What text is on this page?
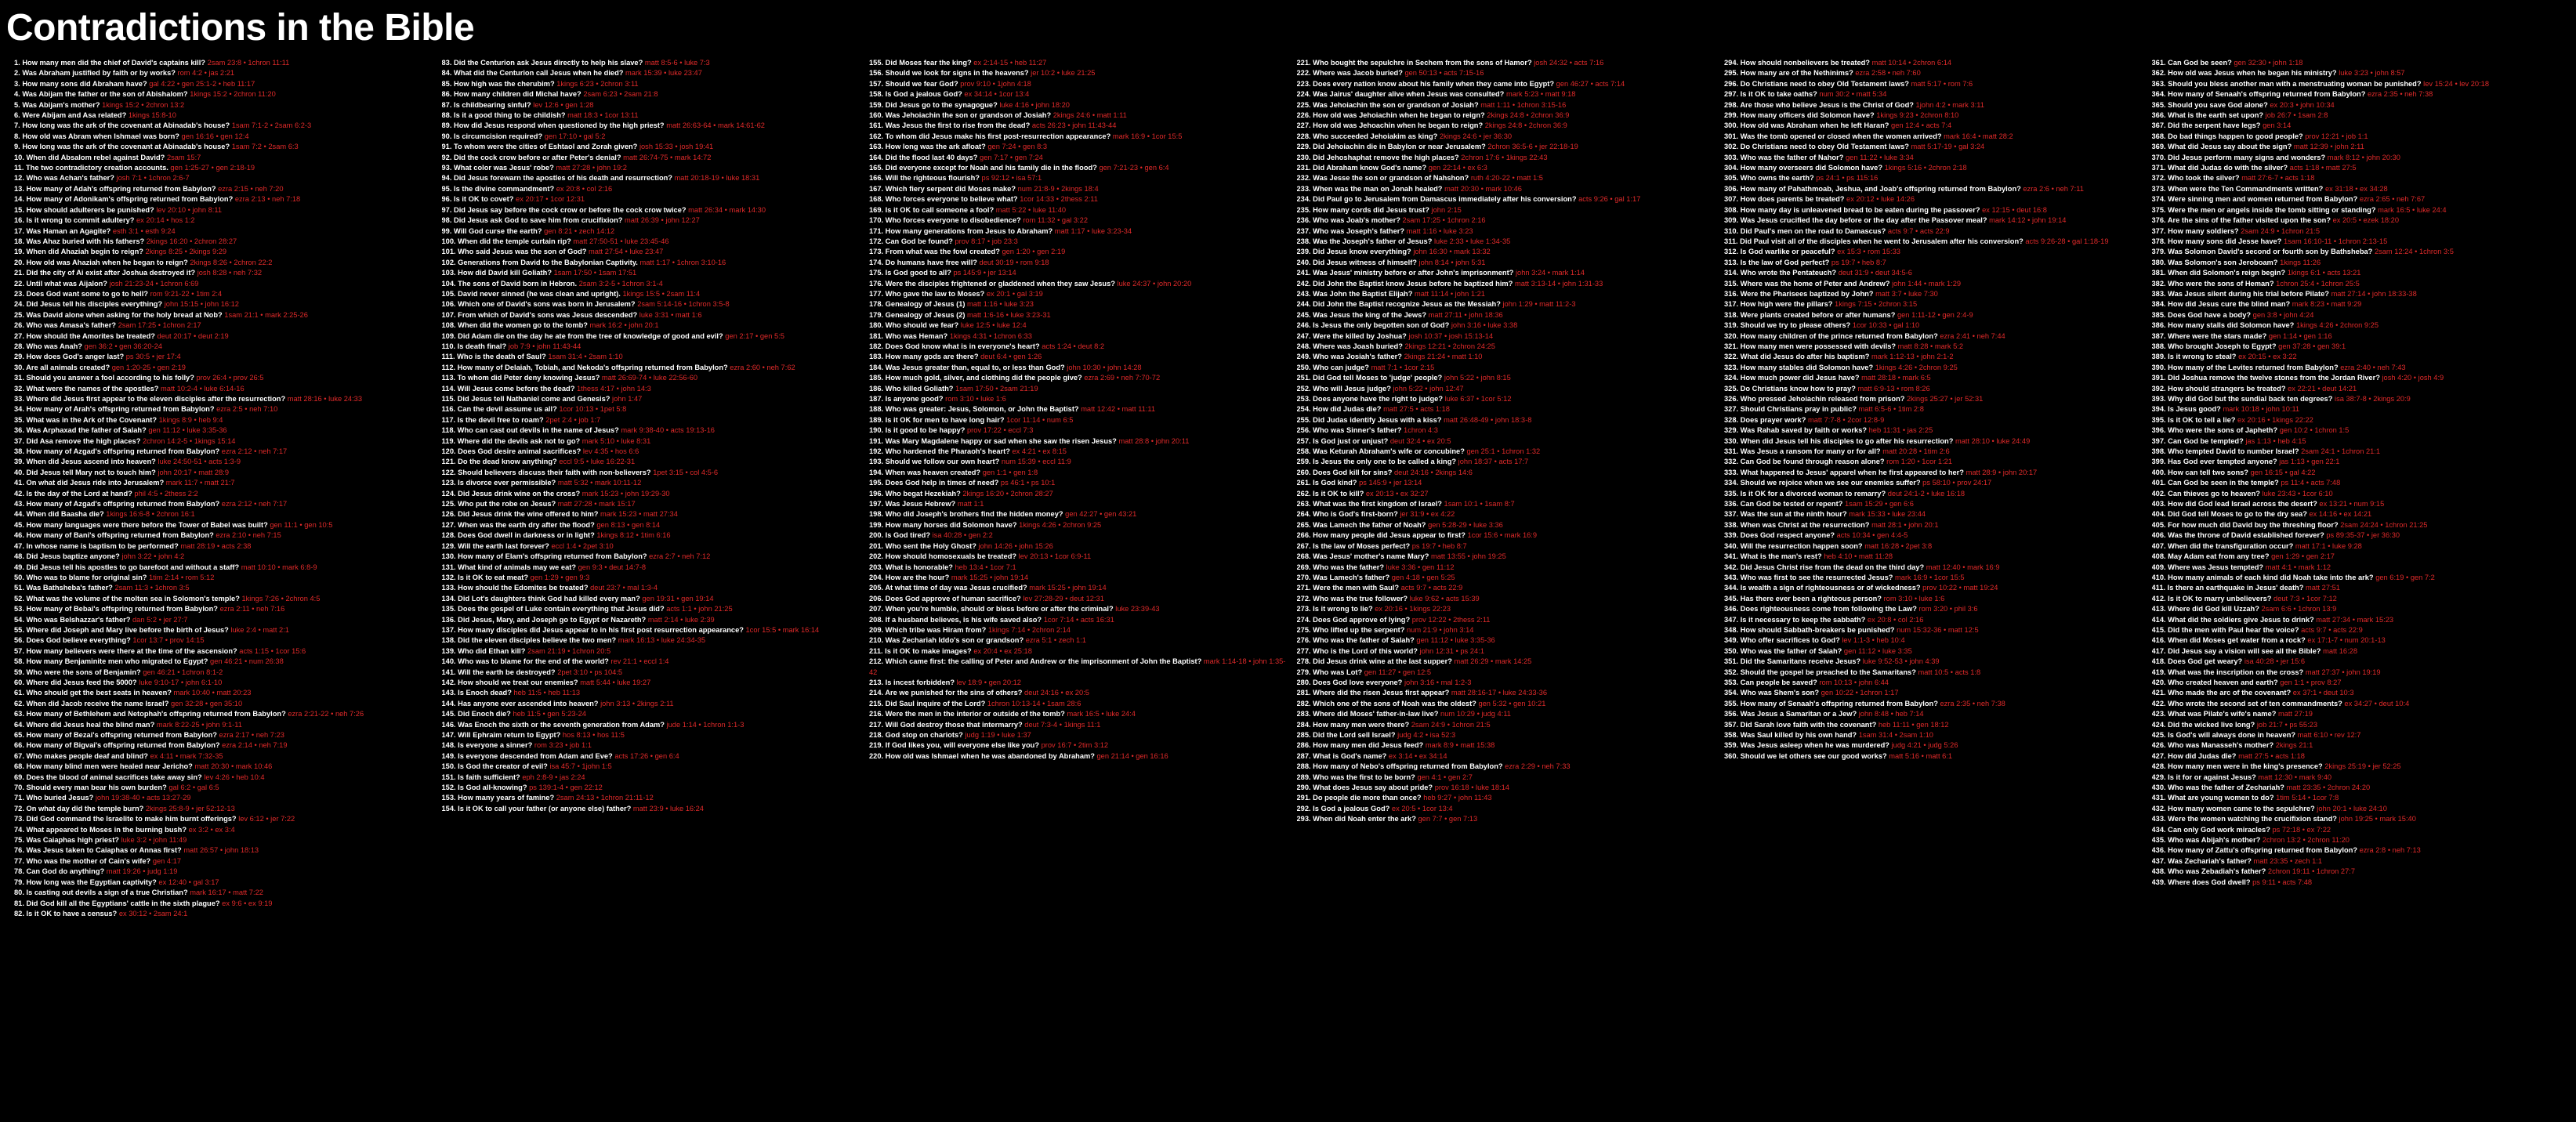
Contradictions in the Bible

1. How many men did the chief of David's captains kill? 2sam 23:8 • 1chron 11:11

2. Was Abraham justified by faith or by works? rom 4:2 • jas 2:21

3. How many sons did Abraham have? gal 4:22 • gen 25:1-2 • heb 11:17

4. Was Abijam the father or the son of Abishalom? 1kings 15:2 • 2chron 11:20

5. Was Abijam's mother? 1kings 15:2 • 2chron 13:2

6. Were Abijam and Asa related? 1kings 15:8-10

7. How long was the ark of the covenant at Abinadab's house? 1sam 7:1-2 • 2sam 6:2-3

8. How old was Abram when Ishmael was born? gen 16:16 • gen 12:4

9. How long was the ark of the covenant at Abinadab's house? 1sam 7:2 • 2sam 6:3

10. When did Absalom rebel against David? 2sam 15:7

11. The two contradictory creation accounts. gen 1:25-27 • gen 2:18-19

12. Who was Achan's father? josh 7:1 • 1chron 2:6-7

13. How many of Adah's offspring returned from Babylon? ezra 2:15 • neh 7:20

14. How many of Adonikam's offspring returned from Babylon? ezra 2:13 • neh 7:18

15. How should adulterers be punished? lev 20:10 • john 8:11

16. Is it wrong to commit adultery? ex 20:14 • hos 1:2

17. Was Haman an Agagite? esth 3:1 • esth 9:24

18. Was Ahaz buried with his fathers? 2kings 16:20 • 2chron 28:27

19. When did Ahaziah begin to reign? 2kings 8:25 • 2kings 9:29

20. How old was Ahaziah when he began to reign? 2kings 8:26 • 2chron 22:2

21. Did the city of Ai exist after Joshua destroyed it? josh 8:28 • neh 7:32

22. Until what was Aijalon? josh 21:23-24 • 1chron 6:69

23. Does God want some to go to hell? rom 9:21-22 • 1tim 2:4

24. Did Jesus tell his disciples everything? john 15:15 • john 16:12

25. Was David alone when asking for the holy bread at Nob? 1sam 21:1 • mark 2:25-26

26. Who was Amasa's father? 2sam 17:25 • 1chron 2:17

27. How should the Amorites be treated? deut 20:17 • deut 2:19

28. Who was Anah? gen 36:2 • gen 36:20-24

29. How does God's anger last? ps 30:5 • jer 17:4

30. Are all animals created? gen 1:20-25 • gen 2:19

31. Should you answer a fool according to his folly? prov 26:4 • prov 26:5

32. What were the names of the apostles? matt 10:2-4 • luke 6:14-16

33. Where did Jesus first appear to the eleven disciples after the resurrection? matt 28:16 • luke 24:33

34. How many of Arah's offspring returned from Babylon? ezra 2:5 • neh 7:10

35. What was in the Ark of the Covenant? 1kings 8:9 • heb 9:4

36. Was Arphaxad the father of Salah? gen 11:12 • luke 3:35-36

37. Did Asa remove the high places? 2chron 14:2-5 • 1kings 15:14

38. How many of Azgad's offspring returned from Babylon? ezra 2:12 • neh 7:17

39. When did Jesus ascend into heaven? luke 24:50-51 • acts 1:3-9

40. Did Jesus tell Mary not to touch him? john 20:17 • matt 28:9

41. On what did Jesus ride into Jerusalem? mark 11:7 • matt 21:7

42. Is the day of the Lord at hand? phil 4:5 • 2thess 2:2

43. How many of Azgad's offspring returned from Babylon? ezra 2:12 • neh 7:17

44. When did Baasha die? 1kings 16:6-8 • 2chron 16:1

45. How many languages were there before the Tower of Babel was built? gen 11:1 • gen 10:5

46. How many of Bani's offspring returned from Babylon? ezra 2:10 • neh 7:15

47. In whose name is baptism to be performed? matt 28:19 • acts 2:38

48. Did Jesus baptize anyone? john 3:22 • john 4:2

49. Did Jesus tell his apostles to go barefoot and without a staff? matt 10:10 • mark 6:8-9

50. Who was to blame for original sin? 1tim 2:14 • rom 5:12

51. Was Bathsheba's father? 2sam 11:3 • 1chron 3:5

52. What was the volume of the molten sea in Solomon's temple? 1kings 7:26 • 2chron 4:5

53. How many of Bebai's offspring returned from Babylon? ezra 2:11 • neh 7:16

54. Who was Belshazzar's father? dan 5:2 • jer 27:7

55. Where did Joseph and Mary live before the birth of Jesus? luke 2:4 • matt 2:1

56. Does God believe everything? 1cor 13:7 • prov 14:15

57. How many believers were there at the time of the ascension? acts 1:15 • 1cor 15:6

58. How many Benjaminite men who migrated to Egypt? gen 46:21 • num 26:38

59. Who were the sons of Benjamin? gen 46:21 • 1chron 8:1-2

60. Where did Jesus feed the 5000? luke 9:10-17 • john 6:1-10

61. Who should get the best seats in heaven? mark 10:40 • matt 20:23

62. When did Jacob receive the name Israel? gen 32:28 • gen 35:10

63. How many of Bethlehem and Netophah's offspring returned from Babylon? ezra 2:21-22 • neh 7:26

64. Where did Jesus heal the blind man? mark 8:22-25 • john 9:1-11

65. How many of Bezai's offspring returned from Babylon? ezra 2:17 • neh 7:23

66. How many of Bigvai's offspring returned from Babylon? ezra 2:14 • neh 7:19

67. Who makes people deaf and blind? ex 4:11 • mark 7:32-35

68. How many blind men were healed near Jericho? matt 20:30 • mark 10:46

69. Does the blood of animal sacrifices take away sin? lev 4:26 • heb 10:4

70. Should every man bear his own burden? gal 6:2 • gal 6:5

71. Who buried Jesus? john 19:38-40 • acts 13:27-29

72. On what day did the temple burn? 2kings 25:8-9 • jer 52:12-13

73. Did God command the Israelite to make him burnt offerings? lev 6:12 • jer 7:22

74. What appeared to Moses in the burning bush? ex 3:2 • ex 3:4

75. Was Caiaphas high priest? luke 3:2 • john 11:49

76. Was Jesus taken to Caiaphas or Annas first? matt 26:57 • john 18:13

77. Who was the mother of Cain's wife? gen 4:17

78. Can God do anything? matt 19:26 • judg 1:19

79. How long was the Egyptian captivity? ex 12:40 • gal 3:17

80. Is casting out devils a sign of a true Christian? mark 16:17 • matt 7:22

81. Did God kill all the Egyptians' cattle in the sixth plague? ex 9:6 • ex 9:19

82. Is it OK to have a census? ex 30:12 • 2sam 24:1

83. Did the Centurion ask Jesus directly to help his slave? matt 8:5-6 • luke 7:3

84. What did the Centurion call Jesus when he died? mark 15:39 • luke 23:47

85. How high was the cherubim? 1kings 6:23 • 2chron 3:11

86. How many children did Michal have? 2sam 6:23 • 2sam 21:8

87. Is childbearing sinful? lev 12:6 • gen 1:28

88. Is it a good thing to be childish? matt 18:3 • 1cor 13:11

89. How did Jesus respond when questioned by the high priest? matt 26:63-64 • mark 14:61-62

90. Is circumcision required? gen 17:10 • gal 5:2

91. To whom were the cities of Eshtaol and Zorah given? josh 15:33 • josh 19:41

92. Did the cock crow before or after Peter's denial? matt 26:74-75 • mark 14:72

93. What color was Jesus' robe? matt 27:28 • john 19:2

94. Did Jesus forewarn the apostles of his death and resurrection? matt 20:18-19 • luke 18:31

95. Is the divine commandment? ex 20:8 • col 2:16

96. Is it OK to covet? ex 20:17 • 1cor 12:31

97. Did Jesus say before the cock crow or before the cock crow twice? matt 26:34 • mark 14:30

98. Did Jesus ask God to save him from crucifixion? matt 26:39 • john 12:27

99. Will God curse the earth? gen 8:21 • zech 14:12

100. When did the temple curtain rip? matt 27:50-51 • luke 23:45-46

101. Who said Jesus was the son of God? matt 27:54 • luke 23:47

102. Generations from David to the Babylonian Captivity. matt 1:17 • 1chron 3:10-16

103. How did David kill Goliath? 1sam 17:50 • 1sam 17:51

104. The sons of David born in Hebron. 2sam 3:2-5 • 1chron 3:1-4

105. David never sinned (he was clean and upright). 1kings 15:5 • 2sam 11:4

106. Which one of David's sons was born in Jerusalem? 2sam 5:14-16 • 1chron 3:5-8

107. From which of David's sons was Jesus descended? luke 3:31 • matt 1:6

108. When did the women go to the tomb? mark 16:2 • john 20:1

109. Did Adam die on the day he ate from the tree of knowledge of good and evil? gen 2:17 • gen 5:5

110. Is death final? job 7:9 • john 11:43-44

111. Who is the death of Saul? 1sam 31:4 • 2sam 1:10

112. How many of Delaiah, Tobiah, and Nekoda's offspring returned from Babylon? ezra 2:60 • neh 7:62

113. To whom did Peter deny knowing Jesus? matt 26:69-74 • luke 22:56-60

114. Will Jesus come before the dead? 1thess 4:17 • john 14:3

115. Did Jesus tell Nathaniel come and Genesis? john 1:47

116. Can the devil assume us all? 1cor 10:13 • 1pet 5:8

117. Is the devil free to roam? 2pet 2:4 • job 1:7

118. Who can cast out devils in the name of Jesus? mark 9:38-40 • acts 19:13-16

119. Where did the devils ask not to go? mark 5:10 • luke 8:31

120. Does God desire animal sacrifices? lev 4:35 • hos 6:6

121. Do the dead know anything? eccl 9:5 • luke 16:22-31

122. Should believers discuss their faith with non-believers? 1pet 3:15 • col 4:5-6

123. Is divorce ever permissible? matt 5:32 • mark 10:11-12

124. Did Jesus drink wine on the cross? mark 15:23 • john 19:29-30

125. Who put the robe on Jesus? matt 27:28 • mark 15:17

126. Did Jesus drink the wine offered to him? mark 15:23 • matt 27:34

127. When was the earth dry after the flood? gen 8:13 • gen 8:14

128. Does God dwell in darkness or in light? 1kings 8:12 • 1tim 6:16

129. Will the earth last forever? eccl 1:4 • 2pet 3:10

130. How many of Elam's offspring returned from Babylon? ezra 2:7 • neh 7:12

131. What kind of animals may we eat? gen 9:3 • deut 14:7-8

132. Is it OK to eat meat? gen 1:29 • gen 9:3

133. How should the Edomites be treated? deut 23:7 • mal 1:3-4

134. Did Lot's daughters think God had killed every man? gen 19:31 • gen 19:14

135. Does the gospel of Luke contain everything that Jesus did? acts 1:1 • john 21:25

136. Did Jesus, Mary, and Joseph go to Egypt or Nazareth? matt 2:14 • luke 2:39

137. How many disciples did Jesus appear to in his first post resurrection appearance? 1cor 15:5 • mark 16:14

138. Did the eleven disciples believe the two men? mark 16:13 • luke 24:34-35

139. Who did Ethan kill? 2sam 21:19 • 1chron 20:5

140. Who was to blame for the end of the world? rev 21:1 • eccl 1:4

141. Will the earth be destroyed? 2pet 3:10 • ps 104:5

142. How should we treat our enemies? matt 5:44 • luke 19:27

143. Is Enoch dead? heb 11:5 • heb 11:13

144. Has anyone ever ascended into heaven? john 3:13 • 2kings 2:11

145. Did Enoch die? heb 11:5 • gen 5:23-24

146. Was Enoch the sixth or the seventh generation from Adam? jude 1:14 • 1chron 1:1-3

147. Will Ephraim return to Egypt? hos 8:13 • hos 11:5

148. Is everyone a sinner? rom 3:23 • job 1:1

149. Is everyone descended from Adam and Eve? acts 17:26 • gen 6:4

150. Is God the creator of evil? isa 45:7 • 1john 1:5

151. Is faith sufficient? eph 2:8-9 • jas 2:24

152. Is God all-knowing? ps 139:1-4 • gen 22:12

153. How many years of famine? 2sam 24:13 • 1chron 21:11-12

154. Is it OK to call your father (or anyone else) father? matt 23:9 • luke 16:24

155. Did Moses fear the king? ex 2:14-15 • heb 11:27

156. Should we look for signs in the heavens? jer 10:2 • luke 21:25

157. Should we fear God? prov 9:10 • 1john 4:18

158. Is God a jealous God? ex 34:14 • 1cor 13:4

159. Did Jesus go to the synagogue? luke 4:16 • john 18:20

160. Was Jehoiachin the son or grandson of Josiah? 2kings 24:6 • matt 1:11

161. Was Jesus the first to rise from the dead? acts 26:23 • john 11:43-44

162. To whom did Jesus make his first post-resurrection appearance? mark 16:9 • 1cor 15:5

163. How long was the ark afloat? gen 7:24 • gen 8:3

164. Did the flood last 40 days? gen 7:17 • gen 7:24

165. Did everyone except for Noah and his family die in the flood? gen 7:21-23 • gen 6:4

166. Will the righteous flourish? ps 92:12 • isa 57:1

167. Which fiery serpent did Moses make? num 21:8-9 • 2kings 18:4

168. Who forces everyone to believe what? 1cor 14:33 • 2thess 2:11

169. Is it OK to call someone a fool? matt 5:22 • luke 11:40

170. Who forces everyone to disobedience? rom 11:32 • gal 3:22

171. How many generations from Jesus to Abraham? matt 1:17 • luke 3:23-34

172. Can God be found? prov 8:17 • job 23:3

173. From what was the fowl created? gen 1:20 • gen 2:19

174. Do humans have free will? deut 30:19 • rom 9:18

175. Is God good to all? ps 145:9 • jer 13:14

176. Were the disciples frightened or gladdened when they saw Jesus? luke 24:37 • john 20:20

177. Who gave the law to Moses? ex 20:1 • gal 3:19

178. Genealogy of Jesus (1) matt 1:16 • luke 3:23

179. Genealogy of Jesus (2) matt 1:6-16 • luke 3:23-31

180. Who should we fear? luke 12:5 • luke 12:4

181. Who was Heman? 1kings 4:31 • 1chron 6:33

182. Does God know what is in everyone's heart? acts 1:24 • deut 8:2

183. How many gods are there? deut 6:4 • gen 1:26

184. Was Jesus greater than, equal to, or less than God? john 10:30 • john 14:28

185. How much gold, silver, and clothing did the people give? ezra 2:69 • neh 7:70-72

186. Who killed Goliath? 1sam 17:50 • 2sam 21:19

187. Is anyone good? rom 3:10 • luke 1:6

188. Who was greater: Jesus, Solomon, or John the Baptist? matt 12:42 • matt 11:11

189. Is it OK for men to have long hair? 1cor 11:14 • num 6:5

190. Is it good to be happy? prov 17:22 • eccl 7:3

191. Was Mary Magdalene happy or sad when she saw the risen Jesus? matt 28:8 • john 20:11

192. Who hardened the Pharaoh's heart? ex 4:21 • ex 8:15

193. Should we follow our own heart? num 15:39 • eccl 11:9

194. When was heaven created? gen 1:1 • gen 1:8

195. Does God help in times of need? ps 46:1 • ps 10:1

196. Who begat Hezekiah? 2kings 16:20 • 2chron 28:27

197. Was Jesus Hebrew? matt 1:1

198. Who did Joseph's brothers find the hidden money? gen 42:27 • gen 43:21

199. How many horses did Solomon have? 1kings 4:26 • 2chron 9:25

200. Is God tired? isa 40:28 • gen 2:2

201. Who sent the Holy Ghost? john 14:26 • john 15:26

202. How should homosexuals be treated? lev 20:13 • 1cor 6:9-11

203. What is honorable? heb 13:4 • 1cor 7:1

204. How are the hour? mark 15:25 • john 19:14

205. At what time of day was Jesus crucified? mark 15:25 • john 19:14

206. Does God approve of human sacrifice? lev 27:28-29 • deut 12:31

207. When you're humble, should or bless before or after the criminal? luke 23:39-43

208. If a husband believes, is his wife saved also? 1cor 7:14 • acts 16:31

209. Which tribe was Hiram from? 1kings 7:14 • 2chron 2:14

210. Was Zechariah Iddo's son or grandson? ezra 5:1 • zech 1:1

211. Is it OK to make images? ex 20:4 • ex 25:18

212. Which came first: the calling of Peter and Andrew or the imprisonment of John the Baptist? mark 1:14-18 • john 1:35-42

213. Is incest forbidden? lev 18:9 • gen 20:12

214. Are we punished for the sins of others? deut 24:16 • ex 20:5

215. Did Saul inquire of the Lord? 1chron 10:13-14 • 1sam 28:6

216. Were the men in the interior or outside of the tomb? mark 16:5 • luke 24:4

217. Will God destroy those that intermarry? deut 7:3-4 • 1kings 11:1

218. God stop on chariots? judg 1:19 • luke 1:37

219. If God likes you, will everyone else like you? prov 16:7 • 2tim 3:12

220. How old was Ishmael when he was abandoned by Abraham? gen 21:14 • gen 16:16

221. Who bought the sepulchre in Sechem from the sons of Hamor? josh 24:32 • acts 7:16

222. Where was Jacob buried? gen 50:13 • acts 7:15-16

223. Does every nation know about his family when they came into Egypt? gen 46:27 • acts 7:14

224. Was Jairus' daughter alive when Jesus was consulted? mark 5:23 • matt 9:18

225. Was Jehoiachin the son or grandson of Josiah? matt 1:11 • 1chron 3:15-16

226. How old was Jehoiachin when he began to reign? 2kings 24:8 • 2chron 36:9

227. How old was Jehoachin when he began to reign? 2kings 24:8 • 2chron 36:9

228. Who succeeded Jehoiakim as king? 2kings 24:6 • jer 36:30

229. Did Jehoiachin die in Babylon or near Jerusalem? 2chron 36:5-6 • jer 22:18-19

230. Did Jehoshaphat remove the high places? 2chron 17:6 • 1kings 22:43

231. Did Abraham know God's name? gen 22:14 • ex 6:3

232. Was Jesse the son or grandson of Nahshon? ruth 4:20-22 • matt 1:5

233. When was the man on Jonah healed? matt 20:30 • mark 10:46

234. Did Paul go to Jerusalem from Damascus immediately after his conversion? acts 9:26 • gal 1:17

235. How many cords did Jesus trust? john 2:15

236. Who was Joab's mother? 2sam 17:25 • 1chron 2:16

237. Who was Joseph's father? matt 1:16 • luke 3:23

238. Was the Joseph's father of Jesus? luke 2:33 • luke 1:34-35

239. Did Jesus know everything? john 16:30 • mark 13:32

240. Did Jesus witness of himself? john 8:14 • john 5:31

241. Was Jesus' ministry before or after John's imprisonment? john 3:24 • mark 1:14

242. Did John the Baptist know Jesus before he baptized him? matt 3:13-14 • john 1:31-33

243. Was John the Baptist Elijah? matt 11:14 • john 1:21

244. Did John the Baptist recognize Jesus as the Messiah? john 1:29 • matt 11:2-3

245. Was Jesus the king of the Jews? matt 27:11 • john 18:36

246. Is Jesus the only begotten son of God? john 3:16 • luke 3:38

247. Were the killed by Joshua? josh 10:37 • josh 15:13-14

248. Where was Joash buried? 2kings 12:21 • 2chron 24:25

249. Who was Josiah's father? 2kings 21:24 • matt 1:10

250. Who can judge? matt 7:1 • 1cor 2:15

251. Did God tell Moses to 'judge' people? john 5:22 • john 8:15

252. Who will Jesus judge? john 5:22 • john 12:47

253. Does anyone have the right to judge? luke 6:37 • 1cor 5:12

254. How did Judas die? matt 27:5 • acts 1:18

255. Did Judas identify Jesus with a kiss? matt 26:48-49 • john 18:3-8

256. Who was Sinner's father? 1chron 4:3

257. Is God just or unjust? deut 32:4 • ex 20:5

258. Was Keturah Abraham's wife or concubine? gen 25:1 • 1chron 1:32

259. Is Jesus the only one to be called a king? john 18:37 • acts 17:7

260. Does God kill for sins? deut 24:16 • 2kings 14:6

261. Is God kind? ps 145:9 • jer 13:14

262. Is it OK to kill? ex 20:13 • ex 32:27

263. What was the first kingdom of Israel? 1sam 10:1 • 1sam 8:7

264. Who is God's first-born? jer 31:9 • ex 4:22

265. Was Lamech the father of Noah? gen 5:28-29 • luke 3:36

266. How many people did Jesus appear to first? 1cor 15:6 • mark 16:9

267. Is the law of Moses perfect? ps 19:7 • heb 8:7

268. Was Jesus' mother's name Mary? matt 13:55 • john 19:25

269. Who was the father? luke 3:36 • gen 11:12

270. Was Lamech's father? gen 4:18 • gen 5:25

271. Were the men with Saul? acts 9:7 • acts 22:9

272. Who was the true follower? luke 9:62 • acts 15:39

273. Is it wrong to lie? ex 20:16 • 1kings 22:23

274. Does God approve of lying? prov 12:22 • 2thess 2:11

275. Who lifted up the serpent? num 21:9 • john 3:14

276. Who was the father of Salah? gen 11:12 • luke 3:35-36

277. Who is the Lord of this world? john 12:31 • ps 24:1

278. Did Jesus drink wine at the last supper? matt 26:29 • mark 14:25

279. Who was Lot? gen 11:27 • gen 12:5

280. Does God love everyone? john 3:16 • mal 1:2-3

281. Where did the risen Jesus first appear? matt 28:16-17 • luke 24:33-36

282. Which one of the sons of Noah was the oldest? gen 5:32 • gen 10:21

283. Where did Moses' father-in-law live? num 10:29 • judg 4:11

284. How many men were there? 2sam 24:9 • 1chron 21:5

285. Did the Lord sell Israel? judg 4:2 • isa 52:3

286. How many men did Jesus feed? mark 8:9 • matt 15:38

287. What is God's name? ex 3:14 • ex 34:14

288. How many of Nebo's offspring returned from Babylon? ezra 2:29 • neh 7:33

289. Who was the first to be born? gen 4:1 • gen 2:7

290. What does Jesus say about pride? prov 16:18 • luke 18:14

291. Do people die more than once? heb 9:27 • john 11:43

292. Is God a jealous God? ex 20:5 • 1cor 13:4

293. When did Noah enter the ark? gen 7:7 • gen 7:13

294. How should nonbelievers be treated? matt 10:14 • 2chron 6:14

295. How many are of the Nethinims? ezra 2:58 • neh 7:60

296. Do Christians need to obey Old Testament laws? matt 5:17 • rom 7:6

297. Is it OK to take oaths? num 30:2 • matt 5:34

298. Are those who believe Jesus is the Christ of God? 1john 4:2 • mark 3:11

299. How many officers did Solomon have? 1kings 9:23 • 2chron 8:10

300. How old was Abraham when he left Haran? gen 12:4 • acts 7:4

301. Was the tomb opened or closed when the women arrived? mark 16:4 • matt 28:2

302. Do Christians need to obey Old Testament laws? matt 5:17-19 • gal 3:24

303. Who was the father of Nahor? gen 11:22 • luke 3:34

304. How many overseers did Solomon have? 1kings 5:16 • 2chron 2:18

305. Who owns the earth? ps 24:1 • ps 115:16

306. How many of Pahathmoab, Jeshua, and Joab's offspring returned from Babylon? ezra 2:6 • neh 7:11

307. How does parents be treated? ex 20:12 • luke 14:26

308. How many day is unleavened bread to be eaten during the passover? ex 12:15 • deut 16:8

309. Was Jesus crucified the day before or the day after the Passover meal? mark 14:12 • john 19:14

310. Did Paul's men on the road to Damascus? acts 9:7 • acts 22:9

311. Did Paul visit all of the disciples when he went to Jerusalem after his conversion? acts 9:26-28 • gal 1:18-19

312. Is God warlike or peaceful? ex 15:3 • rom 15:33

313. Is the law of God perfect? ps 19:7 • heb 8:7

314. Who wrote the Pentateuch? deut 31:9 • deut 34:5-6

315. Where was the home of Peter and Andrew? john 1:44 • mark 1:29

316. Were the Pharisees baptized by John? matt 3:7 • luke 7:30

317. How high were the pillars? 1kings 7:15 • 2chron 3:15

318. Were plants created before or after humans? gen 1:11-12 • gen 2:4-9

319. Should we try to please others? 1cor 10:33 • gal 1:10

320. How many children of the prince returned from Babylon? ezra 2:41 • neh 7:44

321. How many men were possessed with devils? matt 8:28 • mark 5:2

322. What did Jesus do after his baptism? mark 1:12-13 • john 2:1-2

323. How many stables did Solomon have? 1kings 4:26 • 2chron 9:25

324. How much power did Jesus have? matt 28:18 • mark 6:5

325. Do Christians know how to pray? matt 6:9-13 • rom 8:26

326. Who pressed Jehoiachin released from prison? 2kings 25:27 • jer 52:31

327. Should Christians pray in public? matt 6:5-6 • 1tim 2:8

328. Does prayer work? matt 7:7-8 • 2cor 12:8-9

329. Was Rahab saved by faith or works? heb 11:31 • jas 2:25

330. When did Jesus tell his disciples to go after his resurrection? matt 28:10 • luke 24:49

331. Was Jesus a ransom for many or for all? matt 20:28 • 1tim 2:6

332. Can God be found through reason alone? rom 1:20 • 1cor 1:21

333. What happened to Jesus' apparel when he first appeared to her? matt 28:9 • john 20:17

334. Should we rejoice when we see our enemies suffer? ps 58:10 • prov 24:17

335. Is it OK for a divorced woman to remarry? deut 24:1-2 • luke 16:18

336. Can God be tested or repent? 1sam 15:29 • gen 6:6

337. Was the sun at the ninth hour? mark 15:33 • luke 23:44

338. When was Christ at the resurrection? matt 28:1 • john 20:1

339. Does God respect anyone? acts 10:34 • gen 4:4-5

340. Will the resurrection happen soon? matt 16:28 • 2pet 3:8

341. What is the man's rest? heb 4:10 • matt 11:28

342. Did Jesus Christ rise from the dead on the third day? matt 12:40 • mark 16:9

343. Who was first to see the resurrected Jesus? mark 16:9 • 1cor 15:5

344. Is wealth a sign of righteousness or of wickedness? prov 10:22 • matt 19:24

345. Has there ever been a righteous person? rom 3:10 • luke 1:6

346. Does righteousness come from following the Law? rom 3:20 • phil 3:6

347. Is it necessary to keep the sabbath? ex 20:8 • col 2:16

348. How should Sabbath-breakers be punished? num 15:32-36 • matt 12:5

349. Who offer sacrifices to God? lev 1:1-3 • heb 10:4

350. Who was the father of Salah? gen 11:12 • luke 3:35

351. Did the Samaritans receive Jesus? luke 9:52-53 • john 4:39

352. Should the gospel be preached to the Samaritans? matt 10:5 • acts 1:8

353. Can people be saved? rom 10:13 • john 6:44

354. Who was Shem's son? gen 10:22 • 1chron 1:17

355. How many of Senaah's offspring returned from Babylon? ezra 2:35 • neh 7:38

356. Was Jesus a Samaritan or a Jew? john 8:48 • heb 7:14

357. Did Sarah love faith with the covenant? heb 11:11 • gen 18:12

358. Was Saul killed by his own hand? 1sam 31:4 • 2sam 1:10

359. Was Jesus asleep when he was murdered? judg 4:21 • judg 5:26

360. Should we let others see our good works? matt 5:16 • matt 6:1

361. Can God be seen? gen 32:30 • john 1:18

362. How old was Jesus when he began his ministry? luke 3:23 • john 8:57

363. Should you bless another man with a menstruating woman be punished? lev 15:24 • lev 20:18

364. How many of Senaah's offspring returned from Babylon? ezra 2:35 • neh 7:38

365. Should you save God alone? ex 20:3 • john 10:34

366. What is the earth set upon? job 26:7 • 1sam 2:8

367. Did the serpent have legs? gen 3:14

368. Do bad things happen to good people? prov 12:21 • job 1:1

369. What did Jesus say about the sign? matt 12:39 • john 2:11

370. Did Jesus perform many signs and wonders? mark 8:12 • john 20:30

371. What did Judas do with the silver? acts 1:18 • matt 27:5

372. Who took the silver? matt 27:6-7 • acts 1:18

373. When were the Ten Commandments written? ex 31:18 • ex 34:28

374. Were sinning men and women returned from Babylon? ezra 2:65 • neh 7:67

375. Were the men or angels inside the tomb sitting or standing? mark 16:5 • luke 24:4

376. Are the sins of the father visited upon the son? ex 20:5 • ezek 18:20

377. How many soldiers? 2sam 24:9 • 1chron 21:5

378. How many sons did Jesse have? 1sam 16:10-11 • 1chron 2:13-15

379. Was Solomon David's second or fourth son by Bathsheba? 2sam 12:24 • 1chron 3:5

380. Was Solomon's son Jeroboam? 1kings 11:26

381. When did Solomon's reign begin? 1kings 6:1 • acts 13:21

382. Who were the sons of Heman? 1chron 25:4 • 1chron 25:5

383. Was Jesus silent during his trial before Pilate? matt 27:14 • john 18:33-38

384. How did Jesus cure the blind man? mark 8:23 • matt 9:29

385. Does God have a body? gen 3:8 • john 4:24

386. How many stalls did Solomon have? 1kings 4:26 • 2chron 9:25

387. Where were the stars made? gen 1:14 • gen 1:16

388. Who brought Joseph to Egypt? gen 37:28 • gen 39:1

389. Is it wrong to steal? ex 20:15 • ex 3:22

390. How many of the Levites returned from Babylon? ezra 2:40 • neh 7:43

391. Did Joshua remove the twelve stones from the Jordan River? josh 4:20 • josh 4:9

392. How should strangers be treated? ex 22:21 • deut 14:21

393. Why did God but the sundial back ten degrees? isa 38:7-8 • 2kings 20:9

394. Is Jesus good? mark 10:18 • john 10:11

395. Is it OK to tell a lie? ex 20:16 • 1kings 22:22

396. Who were the sons of Japheth? gen 10:2 • 1chron 1:5

397. Can God be tempted? jas 1:13 • heb 4:15

398. Who tempted David to number Israel? 2sam 24:1 • 1chron 21:1

399. Has God ever tempted anyone? jas 1:13 • gen 22:1

400. How can tell two sons? gen 16:15 • gal 4:22

401. Can God be seen in the temple? ps 11:4 • acts 7:48

402. Can thieves go to heaven? luke 23:43 • 1cor 6:10

403. How did God lead Israel across the desert? ex 13:21 • num 9:15

404. Did God tell Moses to go to the dry sea? ex 14:16 • ex 14:21

405. For how much did David buy the threshing floor? 2sam 24:24 • 1chron 21:25

406. Was the throne of David established forever? ps 89:35-37 • jer 36:30

407. When did the transfiguration occur? matt 17:1 • luke 9:28

408. May Adam eat from any tree? gen 1:29 • gen 2:17

409. Where was Jesus tempted? matt 4:1 • mark 1:12

410. How many animals of each kind did Noah take into the ark? gen 6:19 • gen 7:2

411. Is there an earthquake in Jesus' death? matt 27:51

412. Is it OK to marry unbelievers? deut 7:3 • 1cor 7:12

413. Where did God kill Uzzah? 2sam 6:6 • 1chron 13:9

414. What did the soldiers give Jesus to drink? matt 27:34 • mark 15:23

415. Did the men with Paul hear the voice? acts 9:7 • acts 22:9

416. When did Moses get water from a rock? ex 17:1-7 • num 20:1-13

417. Did Jesus say a vision will see all the Bible? matt 16:28

418. Does God get weary? isa 40:28 • jer 15:6

419. What was the inscription on the cross? matt 27:37 • john 19:19

420. Who created heaven and earth? gen 1:1 • prov 8:27

421. Who made the arc of the covenant? ex 37:1 • deut 10:3

422. Who wrote the second set of ten commandments? ex 34:27 • deut 10:4

423. What was Pilate's wife's name? matt 27:19

424. Did the wicked live long? job 21:7 • ps 55:23

425. Is God's will always done in heaven? matt 6:10 • rev 12:7

426. Who was Manasseh's mother? 2kings 21:1

427. How did Judas die? matt 27:5 • acts 1:18

428. How many men were in the king's presence? 2kings 25:19 • jer 52:25

429. Is it for or against Jesus? matt 12:30 • mark 9:40

430. Who was the father of Zechariah? matt 23:35 • 2chron 24:20

431. What are young women to do? 1tim 5:14 • 1cor 7:8

432. How many women came to the sepulchre? john 20:1 • luke 24:10

433. Were the women watching the crucifixion stand? john 19:25 • mark 15:40

434. Can only God work miracles? ps 72:18 • ex 7:22

435. Who was Abijah's mother? 2chron 13:2 • 2chron 11:20

436. How many of Zattu's offspring returned from Babylon? ezra 2:8 • neh 7:13

437. Was Zechariah's father? matt 23:35 • zech 1:1

438. Who was Zebadiah's father? 2chron 19:11 • 1chron 27:7

439. Where does God dwell? ps 9:11 • acts 7:48
